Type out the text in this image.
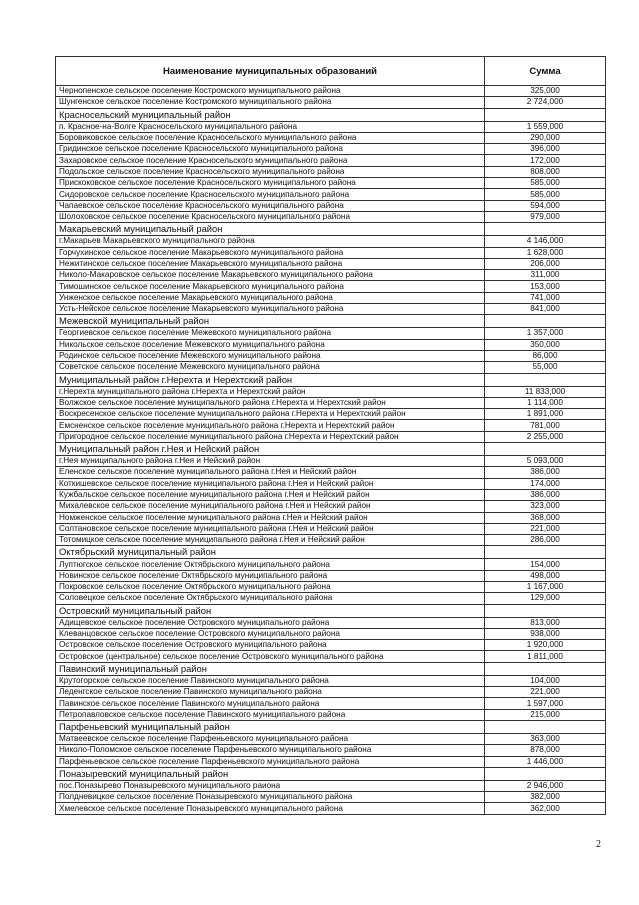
Наименование муниципальных образований	Сумма
Чернопенское сельское поселение Костромского муниципального района	325,000
Шунгенское сельское поселение Костромского муниципального района	2 724,000
Красносельский муниципальный район	
п. Красное-на-Волге Красносельского муниципального района	1 559,000
Боровиковское сельское поселение Красносельского муниципального района	290,000
Гридинское сельское поселение Красносельского муниципального района	396,000
Захаровское сельское поселение Красносельского муниципального района	172,000
Подольское сельское поселение Красносельского муниципального района	808,000
Прискоковское сельское поселение Красносельского муниципального района	585,000
Сидоровское сельское поселение Красносельского муниципального района	585,000
Чапаевское сельское поселение Красносельского муниципального района	594,000
Шолоховское сельское поселение Красносельского муниципального района	979,000
Макарьевский муниципальный район	
г.Макарьев Макарьевского муниципального района	4 146,000
Горчухинское сельское поселение Макарьевского муниципального района	1 628,000
Нежитинское сельское поселение Макарьевского муниципального района	206,000
Николо-Макаровское сельское поселение Макарьевского муниципального района	311,000
Тимошинское сельское поселение Макарьевского муниципального района	153,000
Унженское сельское поселение Макарьевского муниципального района	741,000
Усть-Нейское сельское поселение Макарьевского муниципального района	841,000
Межевской муниципальный район	
Георгиевское сельское поселение Межевского муниципального района	1 357,000
Никольское сельское поселение Межевского муниципального района	350,000
Родинское сельское поселение Межевского муниципального района	86,000
Советское сельское поселение Межевского муниципального района	55,000
Муниципальный район г.Нерехта и Нерехтский район	
г.Нерехта муниципального района г.Нерехта и Нерехтский район	11 833,000
Волжское сельское поселение муниципального района г.Нерехта и Нерехтский район	1 114,000
Воскресенское сельское поселение муниципального района г.Нерехта и Нерехтский район	1 891,000
Емсненское сельское поселение муниципального района г.Нерехта и Нерехтский район	781,000
Пригородное сельское поселение муниципального района г.Нерехта и Нерехтский район	2 255,000
Муниципальный район г.Нея и Нейский район	
г.Нея муниципального района г.Нея и Нейский район	5 093,000
Еленское сельское поселение муниципального района г.Нея и Нейский район	386,000
Коткишевское сельское поселение муниципального района г.Нея и Нейский район	174,000
Кужбальское сельское поселение муниципального района г.Нея и Нейский район	386,000
Михалевское сельское поселение муниципального района г.Нея и Нейский район	323,000
Номженское сельское поселение муниципального района г.Нея и Нейский район	368,000
Солтановское сельское поселение муниципального района г.Нея и Нейский район	221,000
Тотомицкое сельское поселение муниципального района г.Нея и Нейский район	286,000
Октябрьский муниципальный район	
Луптюгское сельское поселение Октябрьского муниципального района	154,000
Новинское сельское поселение Октябрьского муниципального района	498,000
Покровское сельское поселение Октябрьского муниципального района	1 167,000
Соловецкое сельское поселение Октябрьского муниципального района	129,000
Островский муниципальный район	
Адищевское сельское поселение Островского муниципального района	813,000
Клеванцовское сельское поселение Островского муниципального района	938,000
Островское сельское поселение Островского муниципального района	1 920,000
Островское (центральное) сельское поселение Островского муниципального района	1 811,000
Павинский муниципальный район	
Крутогорское сельское поселение Павинского муниципального района	104,000
Леденгское сельское поселение Павинского муниципального района	221,000
Павинское сельское поселение Павинского муниципального района	1 597,000
Петропавловское сельское поселение Павинского муниципального района	215,000
Парфеньевский муниципальный район	
Матвеевское сельское поселение Парфеньевского муниципального района	363,000
Николо-Поломское сельское поселение Парфеньевского муниципального района	878,000
Парфеньевское сельское поселение Парфеньевского муниципального района	1 446,000
Поназыревский муниципальный район	
пос.Поназырево Поназыревского муниципального раиона	2 946,000
Полдневицкое сельское поселение Поназыревского муниципального района	382,000
Хмелевское сельское поселение Поназыревского муниципального района	362,000
2
